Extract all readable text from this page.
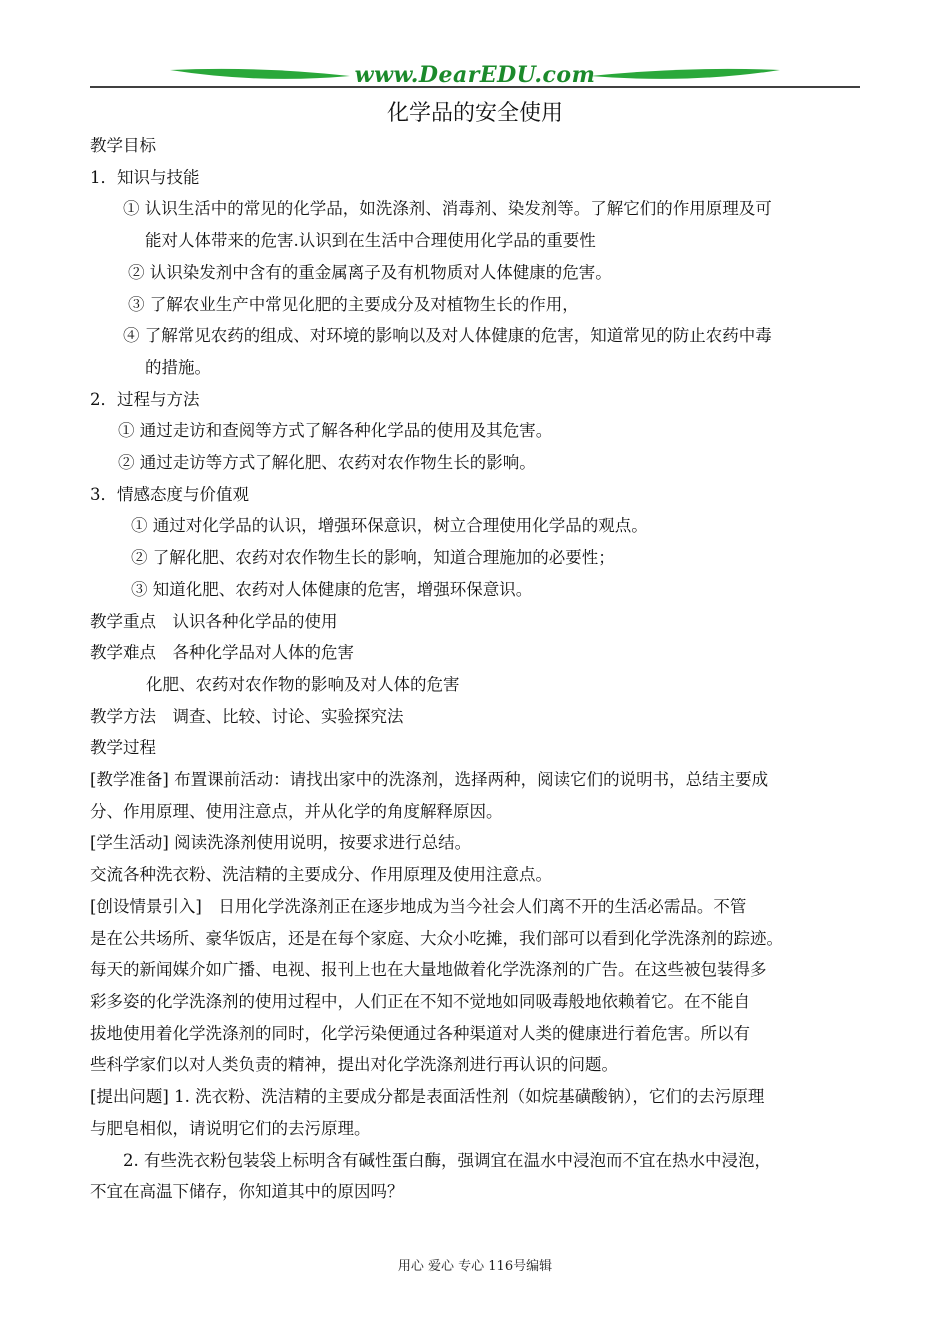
www.DearEDU.com
化学品的安全使用
教学目标
1．知识与技能
① 认识生活中的常见的化学品，如洗涤剂、消毒剂、染发剂等。了解它们的作用原理及可
能对人体带来的危害.认识到在生活中合理使用化学品的重要性
② 认识染发剂中含有的重金属离子及有机物质对人体健康的危害。
③ 了解农业生产中常见化肥的主要成分及对植物生长的作用，
④ 了解常见农药的组成、对环境的影响以及对人体健康的危害，知道常见的防止农药中毒
的措施。
2．过程与方法
① 通过走访和查阅等方式了解各种化学品的使用及其危害。
② 通过走访等方式了解化肥、农药对农作物生长的影响。
3．情感态度与价值观
① 通过对化学品的认识，增强环保意识，树立合理使用化学品的观点。
② 了解化肥、农药对农作物生长的影响，知道合理施加的必要性；
③ 知道化肥、农药对人体健康的危害，增强环保意识。
教学重点　认识各种化学品的使用
教学难点　各种化学品对人体的危害
化肥、农药对农作物的影响及对人体的危害
教学方法　调查、比较、讨论、实验探究法
教学过程
[教学准备] 布置课前活动：请找出家中的洗涤剂，选择两种，阅读它们的说明书，总结主要成
分、作用原理、使用注意点，并从化学的角度解释原因。
[学生活动] 阅读洗涤剂使用说明，按要求进行总结。
交流各种洗衣粉、洗洁精的主要成分、作用原理及使用注意点。
[创设情景引入]　日用化学洗涤剂正在逐步地成为当今社会人们离不开的生活必需品。不管
是在公共场所、豪华饭店，还是在每个家庭、大众小吃摊，我们部可以看到化学洗涤剂的踪迹。
每天的新闻媒介如广播、电视、报刊上也在大量地做着化学洗涤剂的广告。在这些被包装得多
彩多姿的化学洗涤剂的使用过程中，人们正在不知不觉地如同吸毒般地依赖着它。在不能自
拔地使用着化学洗涤剂的同时，化学污染便通过各种渠道对人类的健康进行着危害。所以有
些科学家们以对人类负责的精神，提出对化学洗涤剂进行再认识的问题。
[提出问题] 1. 洗衣粉、洗洁精的主要成分都是表面活性剂（如烷基磺酸钠），它们的去污原理
与肥皂相似，请说明它们的去污原理。
2. 有些洗衣粉包装袋上标明含有碱性蛋白酶，强调宜在温水中浸泡而不宜在热水中浸泡，
不宜在高温下储存，你知道其中的原因吗？
用心 爱心 专心 116号编辑
